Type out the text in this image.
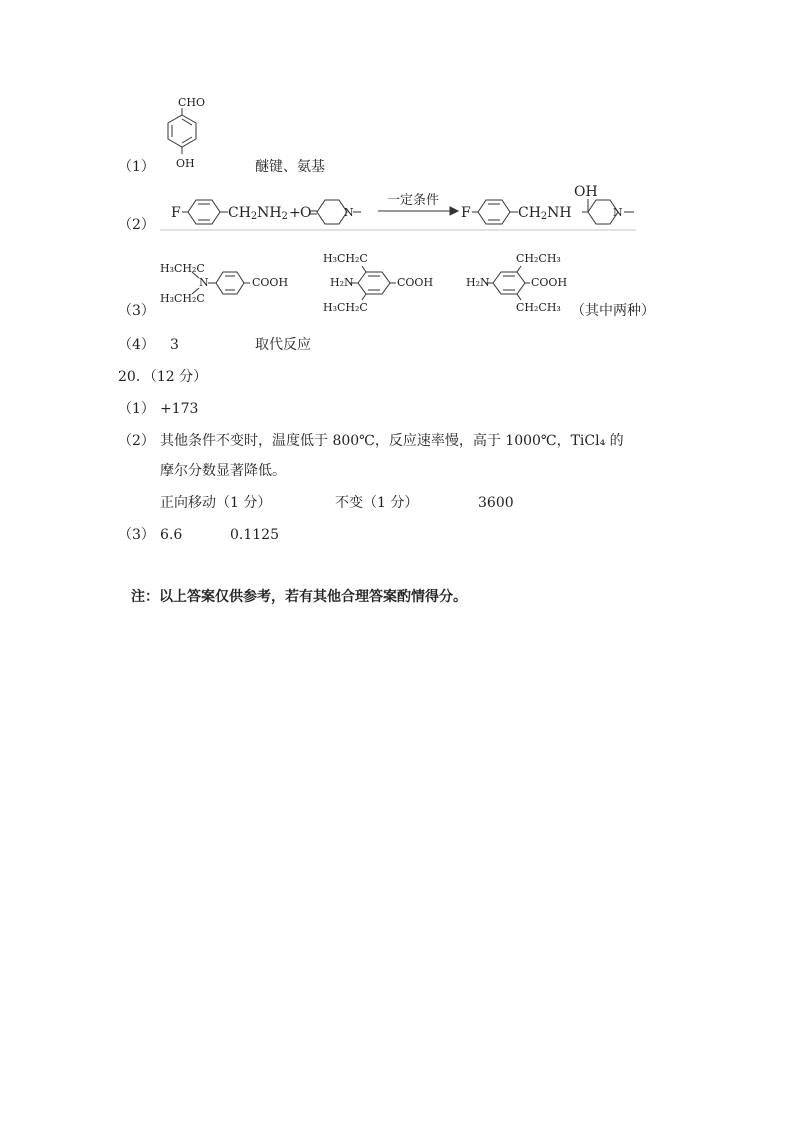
CHO
OH
（1）	醚键、氨基
（2）
F	$CH_2NH_2 + O$	N
一定条件
F	$CH_2NH$
OH
N
（3）
H₃CH₂C
H₃CH₂C
N	COOH
H₃CH₂C
H₂N
H₃CH₂C
COOH
CH₂CH₃
H₂N	COOH
CH₂CH₃ （其中两种）
（4） 3	取代反应
20．（12 分）
（1） +173
（2） 其他条件不变时，温度低于 800℃，反应速率慢，高于 1000℃，TiCl₄ 的
摩尔分数显著降低。
正向移动（1 分）	不变（1 分）	3600
（3） 6.6	0.1125
注：以上答案仅供参考，若有其他合理答案酌情得分。
